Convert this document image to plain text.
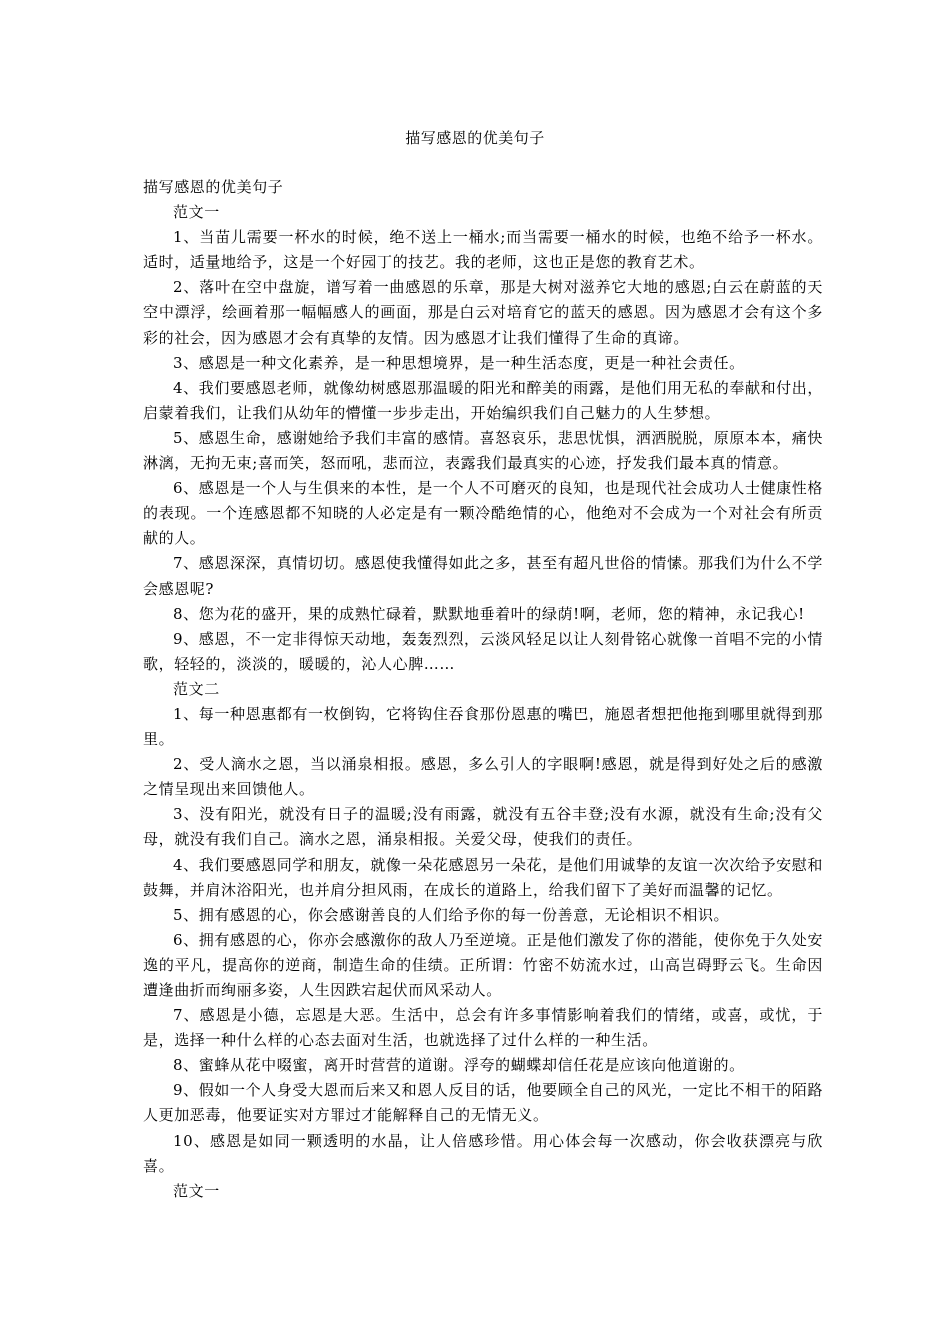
描写感恩的优美句子

描写感恩的优美句子

范文一

1、当苗儿需要一杯水的时候，绝不送上一桶水;而当需要一桶水的时候，也绝不给予一杯水。适时，适量地给予，这是一个好园丁的技艺。我的老师，这也正是您的教育艺术。

2、落叶在空中盘旋，谱写着一曲感恩的乐章，那是大树对滋养它大地的感恩;白云在蔚蓝的天空中漂浮，绘画着那一幅幅感人的画面，那是白云对培育它的蓝天的感恩。因为感恩才会有这个多彩的社会，因为感恩才会有真挚的友情。因为感恩才让我们懂得了生命的真谛。

3、感恩是一种文化素养，是一种思想境界，是一种生活态度，更是一种社会责任。

4、我们要感恩老师，就像幼树感恩那温暖的阳光和醉美的雨露，是他们用无私的奉献和付出，启蒙着我们，让我们从幼年的懵懂一步步走出，开始编织我们自己魅力的人生梦想。

5、感恩生命，感谢她给予我们丰富的感情。喜怒哀乐，悲思忧惧，洒洒脱脱，原原本本，痛快淋漓，无拘无束;喜而笑，怒而吼，悲而泣，表露我们最真实的心迹，抒发我们最本真的情意。

6、感恩是一个人与生俱来的本性，是一个人不可磨灭的良知，也是现代社会成功人士健康性格的表现。一个连感恩都不知晓的人必定是有一颗冷酷绝情的心，他绝对不会成为一个对社会有所贡献的人。

7、感恩深深，真情切切。感恩使我懂得如此之多，甚至有超凡世俗的情愫。那我们为什么不学会感恩呢?

8、您为花的盛开，果的成熟忙碌着，默默地垂着叶的绿荫!啊，老师，您的精神，永记我心!

9、感恩，不一定非得惊天动地，轰轰烈烈，云淡风轻足以让人刻骨铭心就像一首唱不完的小情歌，轻轻的，淡淡的，暖暖的，沁人心脾……

范文二

1、每一种恩惠都有一枚倒钩，它将钩住吞食那份恩惠的嘴巴，施恩者想把他拖到哪里就得到那里。

2、受人滴水之恩，当以涌泉相报。感恩，多么引人的字眼啊!感恩，就是得到好处之后的感激之情呈现出来回馈他人。

3、没有阳光，就没有日子的温暖;没有雨露，就没有五谷丰登;没有水源，就没有生命;没有父母，就没有我们自己。滴水之恩，涌泉相报。关爱父母，使我们的责任。

4、我们要感恩同学和朋友，就像一朵花感恩另一朵花，是他们用诚挚的友谊一次次给予安慰和鼓舞，并肩沐浴阳光，也并肩分担风雨，在成长的道路上，给我们留下了美好而温馨的记忆。

5、拥有感恩的心，你会感谢善良的人们给予你的每一份善意，无论相识不相识。

6、拥有感恩的心，你亦会感激你的敌人乃至逆境。正是他们激发了你的潜能，使你免于久处安逸的平凡，提高你的逆商，制造生命的佳绩。正所谓：竹密不妨流水过，山高岂碍野云飞。生命因遭逢曲折而绚丽多姿，人生因跌宕起伏而风采动人。

7、感恩是小德，忘恩是大恶。生活中，总会有许多事情影响着我们的情绪，或喜，或忧，于是，选择一种什么样的心态去面对生活，也就选择了过什么样的一种生活。

8、蜜蜂从花中啜蜜，离开时营营的道谢。浮夸的蝴蝶却信任花是应该向他道谢的。

9、假如一个人身受大恩而后来又和恩人反目的话，他要顾全自己的风光，一定比不相干的陌路人更加恶毒，他要证实对方罪过才能解释自己的无情无义。

10、感恩是如同一颗透明的水晶，让人倍感珍惜。用心体会每一次感动，你会收获漂亮与欣喜。

范文一
